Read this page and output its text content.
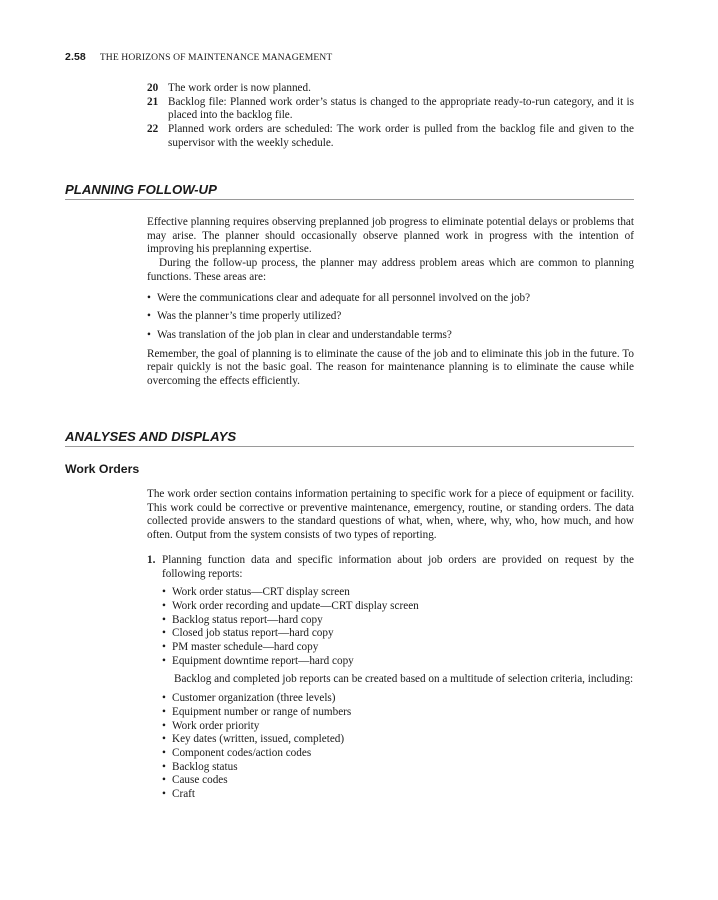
2.58 THE HORIZONS OF MAINTENANCE MANAGEMENT
20 The work order is now planned.
21 Backlog file: Planned work order’s status is changed to the appropriate ready-to-run category, and it is placed into the backlog file.
22 Planned work orders are scheduled: The work order is pulled from the backlog file and given to the supervisor with the weekly schedule.
PLANNING FOLLOW-UP

Effective planning requires observing preplanned job progress to eliminate potential delays or problems that may arise. The planner should occasionally observe planned work in progress with the intention of improving his preplanning expertise.

During the follow-up process, the planner may address problem areas which are common to planning functions. These areas are:

• Were the communications clear and adequate for all personnel involved on the job?
• Was the planner’s time properly utilized?
• Was translation of the job plan in clear and understandable terms?

Remember, the goal of planning is to eliminate the cause of the job and to eliminate this job in the future. To repair quickly is not the basic goal. The reason for maintenance planning is to eliminate the cause while overcoming the effects efficiently.

ANALYSES AND DISPLAYS
Work Orders

The work order section contains information pertaining to specific work for a piece of equipment or facility. This work could be corrective or preventive maintenance, emergency, routine, or standing orders. The data collected provide answers to the standard questions of what, when, where, why, who, how much, and how often. Output from the system consists of two types of reporting.

1. Planning function data and specific information about job orders are provided on request by the following reports:
• Work order status—CRT display screen
• Work order recording and update—CRT display screen
• Backlog status report—hard copy
• Closed job status report—hard copy
• PM master schedule—hard copy
• Equipment downtime report—hard copy

Backlog and completed job reports can be created based on a multitude of selection criteria, including:

• Customer organization (three levels)
• Equipment number or range of numbers
• Work order priority
• Key dates (written, issued, completed)
• Component codes/action codes
• Backlog status
• Cause codes
• Craft
